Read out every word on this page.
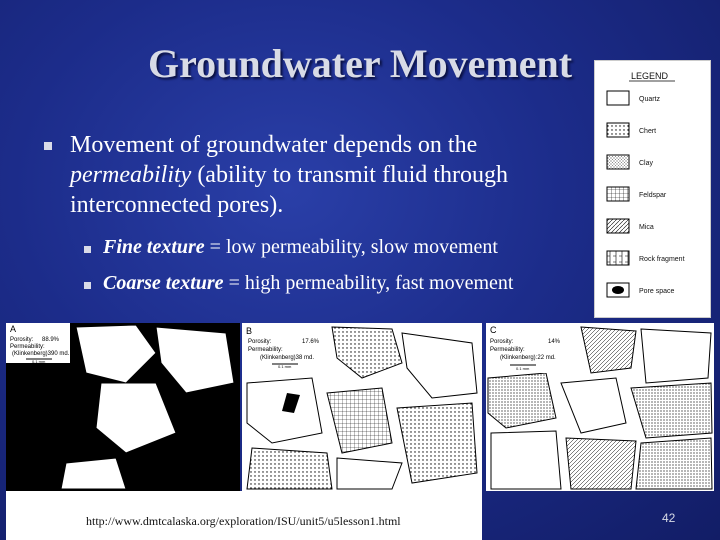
Groundwater Movement
Movement of groundwater depends on the
permeability (ability to transmit fluid through
interconnected pores).
Fine texture = low permeability, slow movement
Coarse texture = high permeability, fast movement
LEGEND
Quartz
Chert
Clay
Feldspar
Mica
Rock fragment
Pore space
A
Porosity: 88.9%
Permeability:
(Klinkenberg)390 md.
0.1 mm
B
Porosity:	17.6%
Permeability:
(Klinkenberg)38 md.
0.1 mm
C
Porosity:	14%
Permeability:
(Klinkenberg):22 md.
0.1 mm
http://www.dmtcalaska.org/exploration/ISU/unit5/u5lesson1.html	42
